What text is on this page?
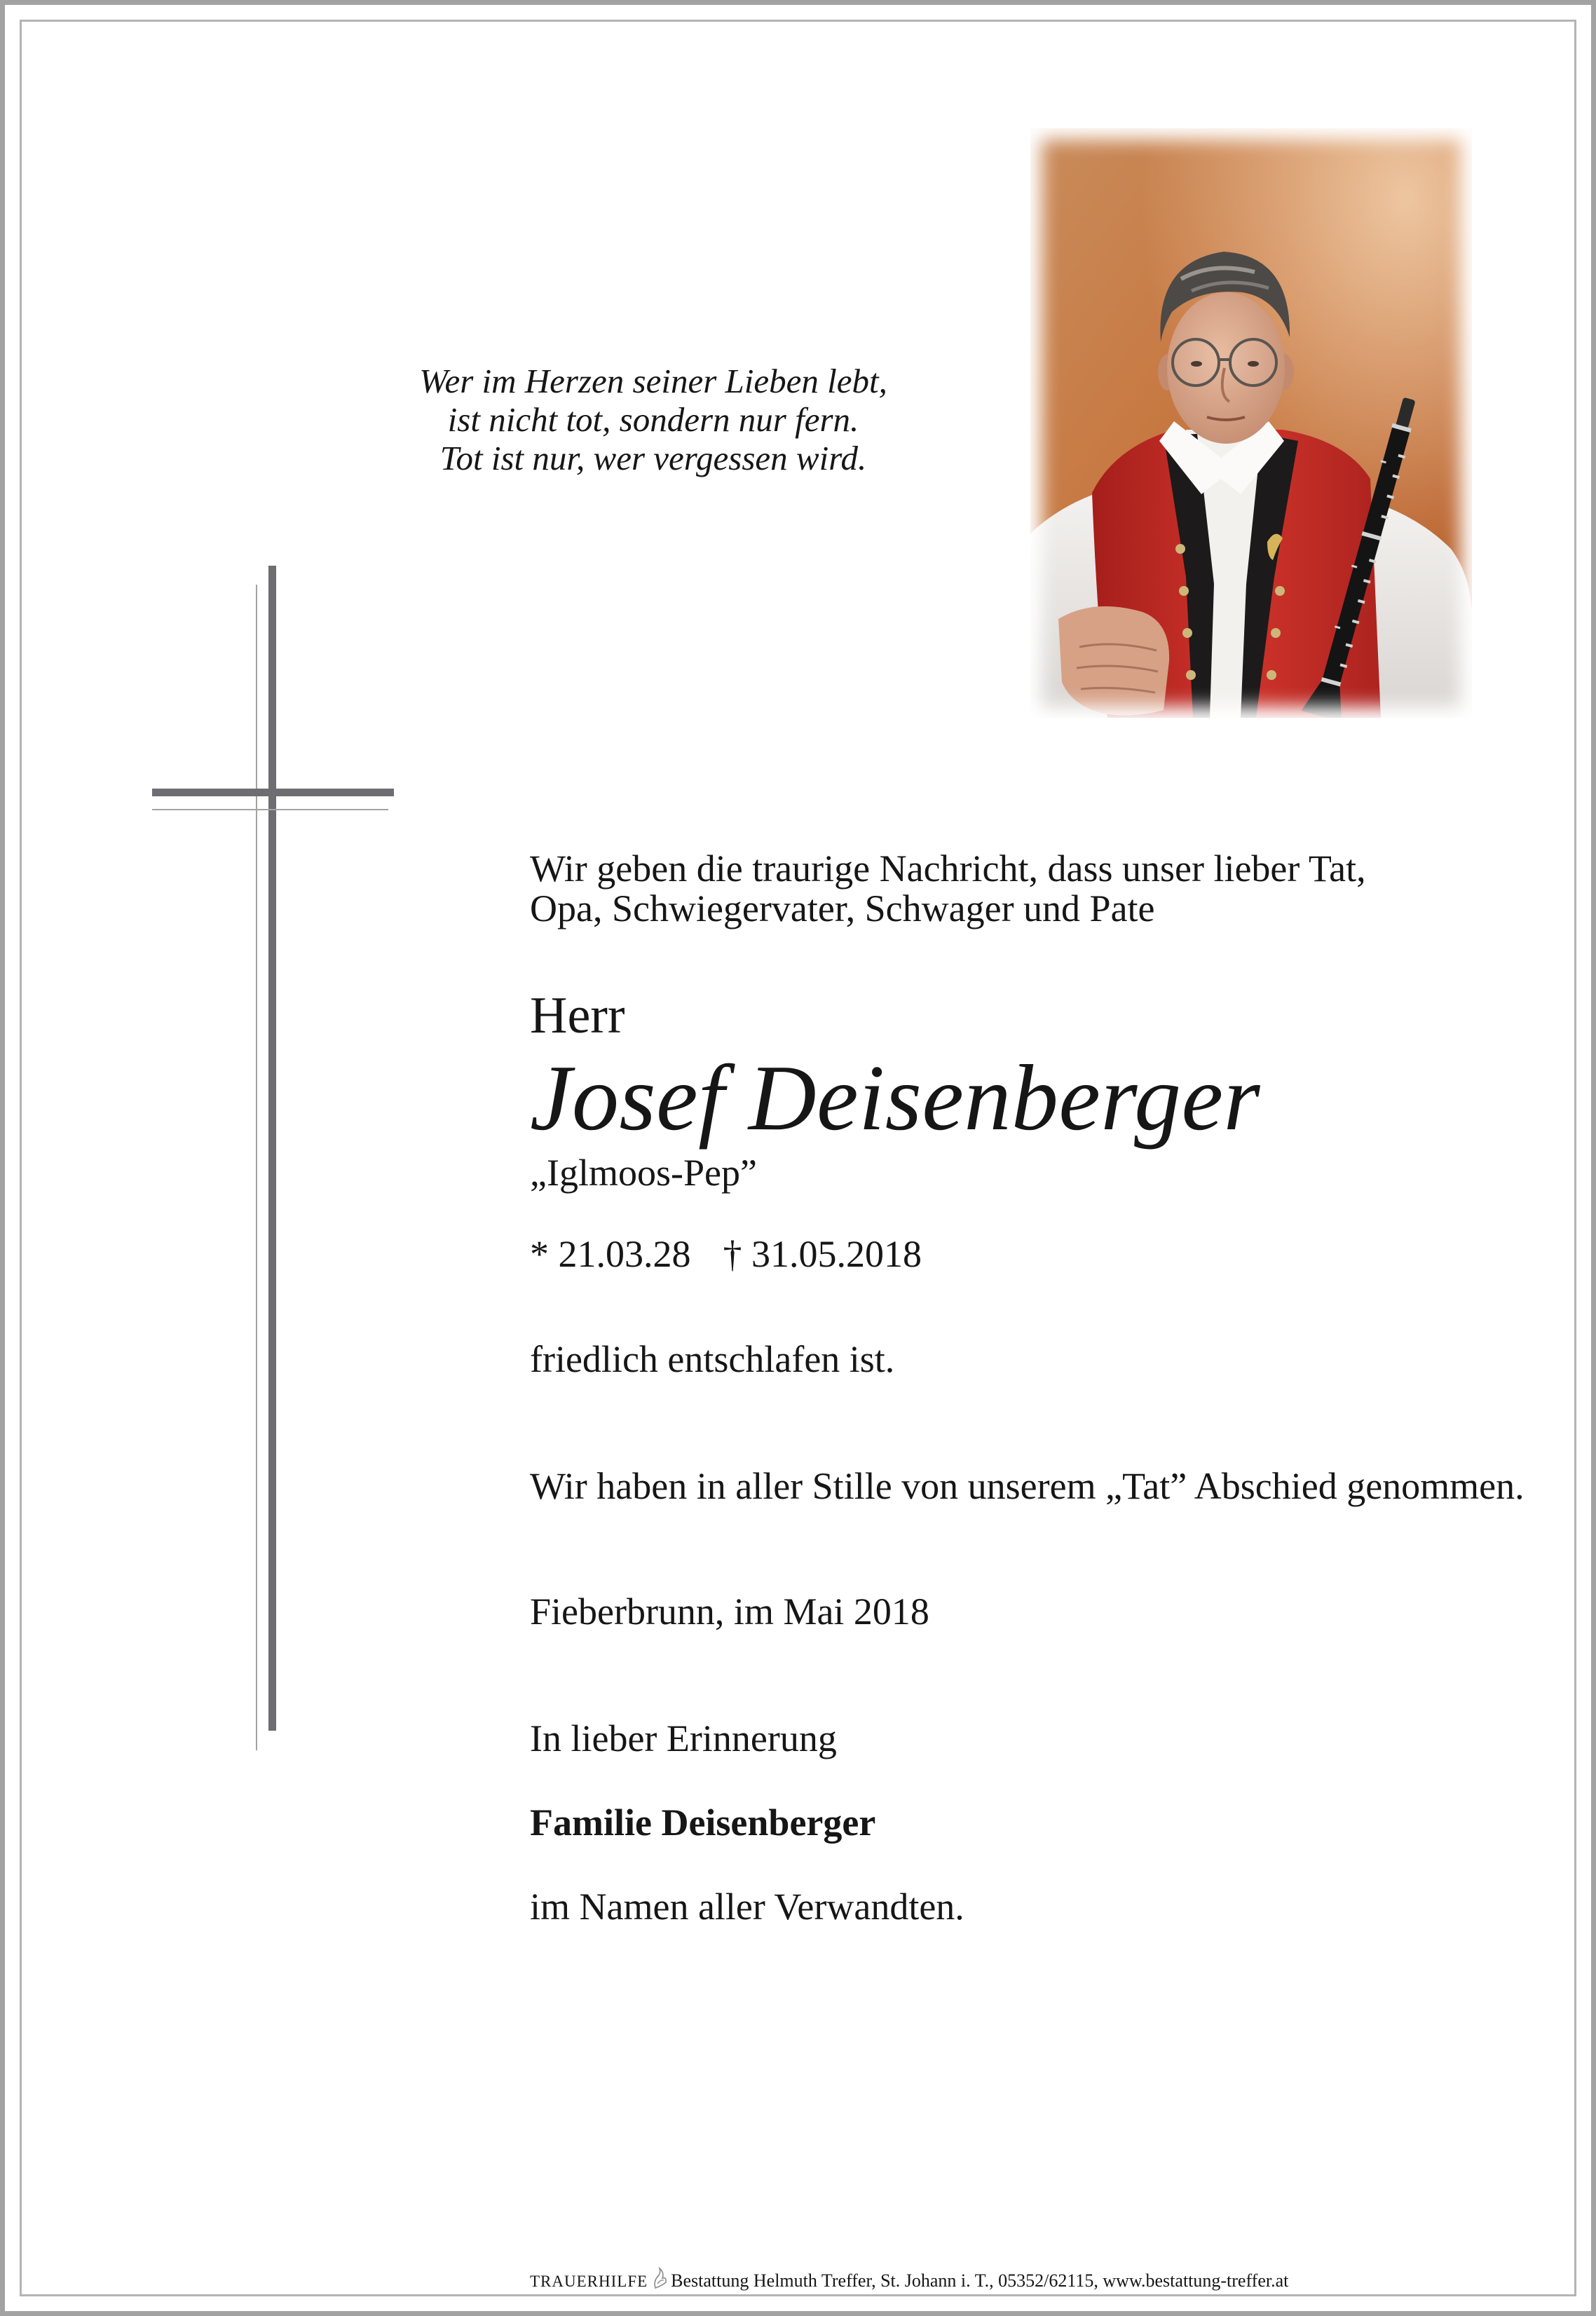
Wer im Herzen seiner Lieben lebt,
ist nicht tot, sondern nur fern.
Tot ist nur, wer vergessen wird.
Wir geben die traurige Nachricht, dass unser lieber Tat,
Opa, Schwiegervater, Schwager und Pate
Herr
Josef Deisenberger
„Iglmoos-Pep”
* 21.03.28 † 31.05.2018
friedlich entschlafen ist.
Wir haben in aller Stille von unserem „Tat” Abschied genommen.
Fieberbrunn, im Mai 2018
In lieber Erinnerung
Familie Deisenberger
im Namen aller Verwandten.
TRAUERHILFE Bestattung Helmuth Treffer, St. Johann i. T., 05352/62115, www.bestattung-treffer.at
